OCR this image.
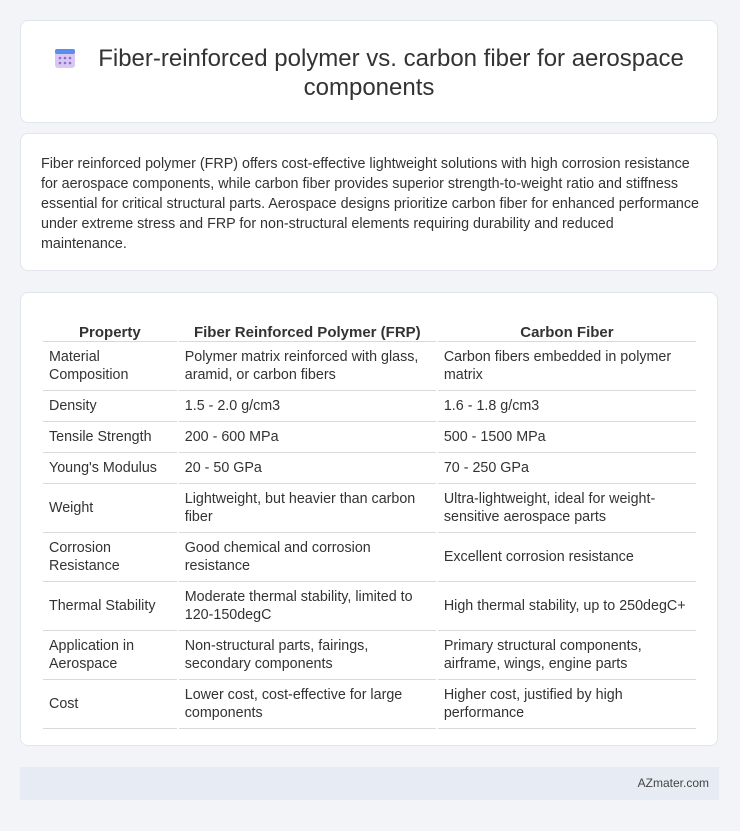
Fiber-reinforced polymer vs. carbon fiber for aerospace components
Fiber reinforced polymer (FRP) offers cost-effective lightweight solutions with high corrosion resistance for aerospace components, while carbon fiber provides superior strength-to-weight ratio and stiffness essential for critical structural parts. Aerospace designs prioritize carbon fiber for enhanced performance under extreme stress and FRP for non-structural elements requiring durability and reduced maintenance.
Property	Fiber Reinforced Polymer (FRP)	Carbon Fiber
Material Composition	Polymer matrix reinforced with glass, aramid, or carbon fibers	Carbon fibers embedded in polymer matrix
Density	1.5 - 2.0 g/cm3	1.6 - 1.8 g/cm3
Tensile Strength	200 - 600 MPa	500 - 1500 MPa
Young's Modulus	20 - 50 GPa	70 - 250 GPa
Weight	Lightweight, but heavier than carbon fiber	Ultra-lightweight, ideal for weight-sensitive aerospace parts
Corrosion Resistance	Good chemical and corrosion resistance	Excellent corrosion resistance
Thermal Stability	Moderate thermal stability, limited to 120-150degC	High thermal stability, up to 250degC+
Application in Aerospace	Non-structural parts, fairings, secondary components	Primary structural components, airframe, wings, engine parts
Cost	Lower cost, cost-effective for large components	Higher cost, justified by high performance
AZmater.com
